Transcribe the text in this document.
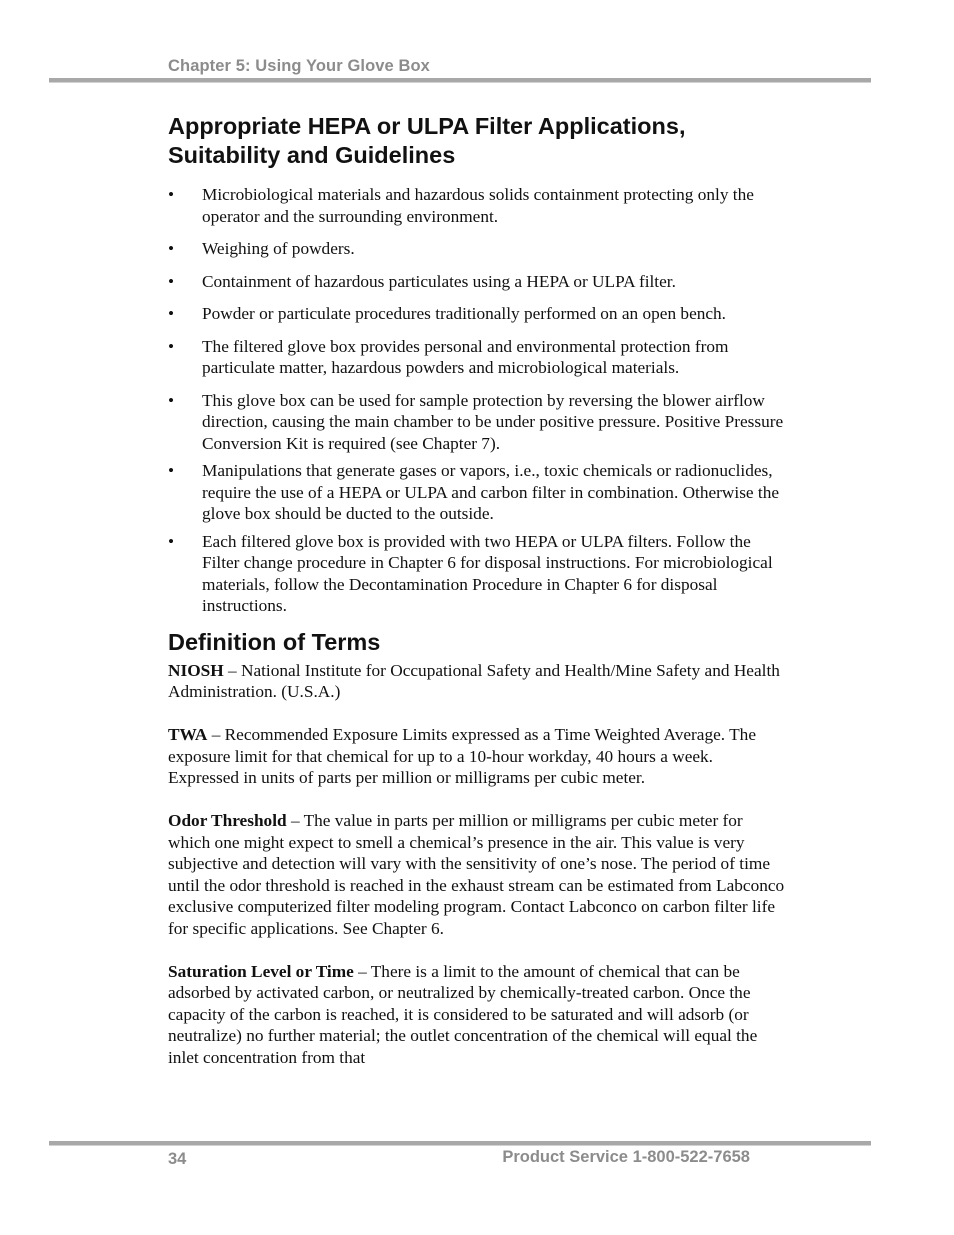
Chapter 5: Using Your Glove Box
Appropriate HEPA or ULPA Filter Applications, Suitability and Guidelines
• Microbiological materials and hazardous solids containment protecting only the operator and the surrounding environment.
• Weighing of powders.
• Containment of hazardous particulates using a HEPA or ULPA filter.
• Powder or particulate procedures traditionally performed on an open bench.
• The filtered glove box provides personal and environmental protection from particulate matter, hazardous powders and microbiological materials.
• This glove box can be used for sample protection by reversing the blower airflow direction, causing the main chamber to be under positive pressure. Positive Pressure Conversion Kit is required (see Chapter 7).
• Manipulations that generate gases or vapors, i.e., toxic chemicals or radionuclides, require the use of a HEPA or ULPA and carbon filter in combination. Otherwise the glove box should be ducted to the outside.
• Each filtered glove box is provided with two HEPA or ULPA filters. Follow the Filter change procedure in Chapter 6 for disposal instructions. For microbiological materials, follow the Decontamination Procedure in Chapter 6 for disposal instructions.
Definition of Terms

NIOSH – National Institute for Occupational Safety and Health/Mine Safety and Health Administration. (U.S.A.)

TWA – Recommended Exposure Limits expressed as a Time Weighted Average. The exposure limit for that chemical for up to a 10-hour workday, 40 hours a week. Expressed in units of parts per million or milligrams per cubic meter.

Odor Threshold – The value in parts per million or milligrams per cubic meter for which one might expect to smell a chemical’s presence in the air. This value is very subjective and detection will vary with the sensitivity of one’s nose. The period of time until the odor threshold is reached in the exhaust stream can be estimated from Labconco exclusive computerized filter modeling program. Contact Labconco on carbon filter life for specific applications. See Chapter 6.

Saturation Level or Time – There is a limit to the amount of chemical that can be adsorbed by activated carbon, or neutralized by chemically-treated carbon. Once the capacity of the carbon is reached, it is considered to be saturated and will adsorb (or neutralize) no further material; the outlet concentration of the chemical will equal the inlet concentration from that

34	Product Service 1-800-522-7658
